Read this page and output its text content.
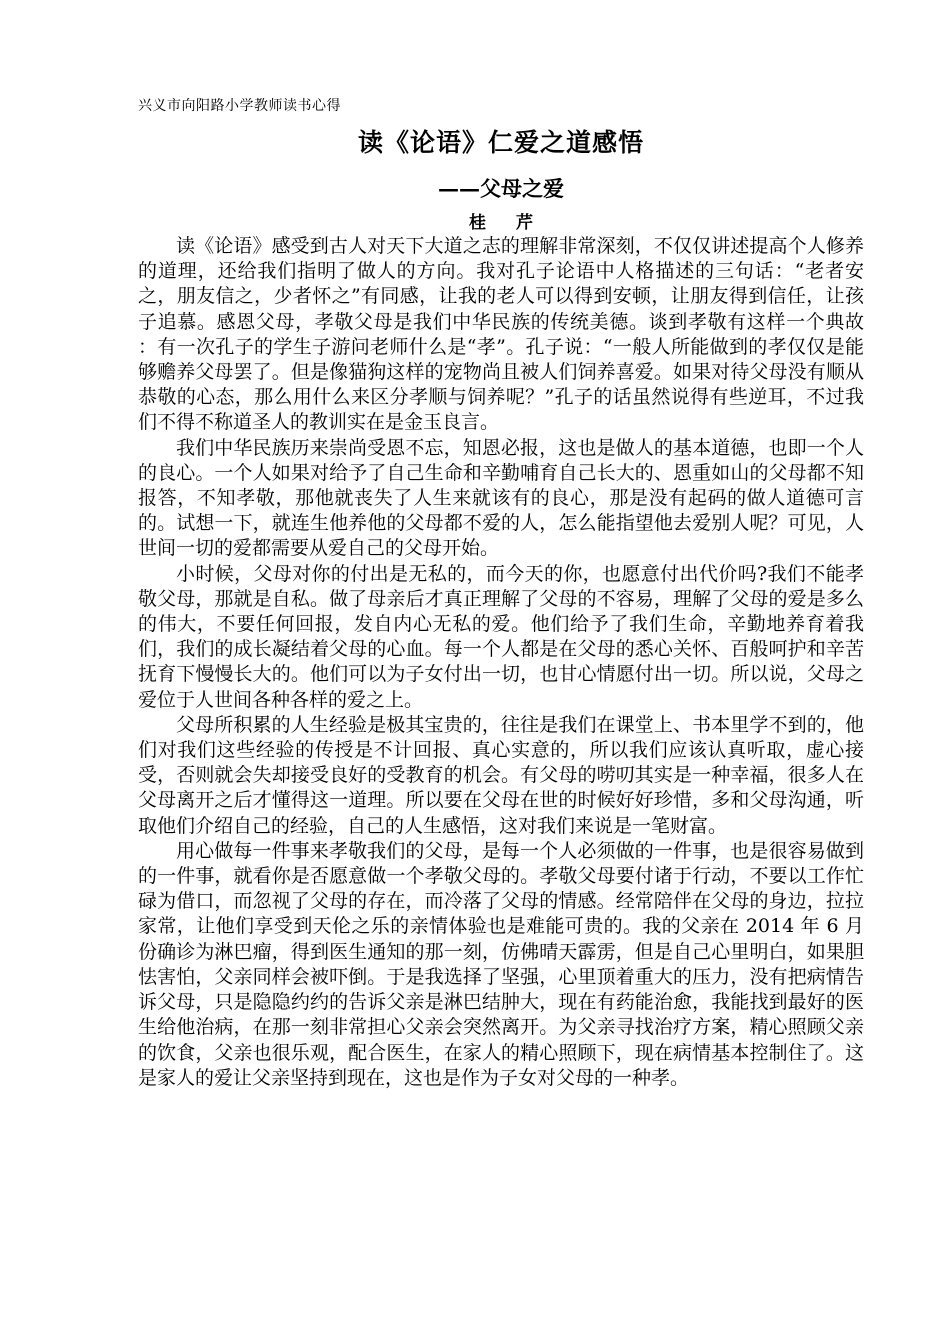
兴义市向阳路小学教师读书心得
读《论语》仁爱之道感悟
——父母之爱
桂 芹

读《论语》感受到古人对天下大道之志的理解非常深刻，不仅仅讲述提高个人修养的道理，还给我们指明了做人的方向。我对孔子论语中人格描述的三句话：“老者安之，朋友信之，少者怀之”有同感，让我的老人可以得到安顿，让朋友得到信任，让孩子追慕。感恩父母，孝敬父母是我们中华民族的传统美德。谈到孝敬有这样一个典故 ：有一次孔子的学生子游问老师什么是“孝”。孔子说：“一般人所能做到的孝仅仅是能够赡养父母罢了。但是像猫狗这样的宠物尚且被人们饲养喜爱。如果对待父母没有顺从恭敬的心态，那么用什么来区分孝顺与饲养呢？”孔子的话虽然说得有些逆耳，不过我们不得不称道圣人的教训实在是金玉良言。

我们中华民族历来崇尚受恩不忘，知恩必报，这也是做人的基本道德，也即一个人的良心。一个人如果对给予了自己生命和辛勤哺育自己长大的、恩重如山的父母都不知报答，不知孝敬，那他就丧失了人生来就该有的良心，那是没有起码的做人道德可言的。试想一下，就连生他养他的父母都不爱的人，怎么能指望他去爱别人呢？可见，人世间一切的爱都需要从爱自己的父母开始。

小时候，父母对你的付出是无私的，而今天的你，也愿意付出代价吗?我们不能孝敬父母，那就是自私。做了母亲后才真正理解了父母的不容易，理解了父母的爱是多么的伟大，不要任何回报，发自内心无私的爱。他们给予了我们生命，辛勤地养育着我们，我们的成长凝结着父母的心血。每一个人都是在父母的悉心关怀、百般呵护和辛苦抚育下慢慢长大的。他们可以为子女付出一切，也甘心情愿付出一切。所以说，父母之爱位于人世间各种各样的爱之上。

父母所积累的人生经验是极其宝贵的，往往是我们在课堂上、书本里学不到的，他们对我们这些经验的传授是不计回报、真心实意的，所以我们应该认真听取，虚心接受，否则就会失却接受良好的受教育的机会。有父母的唠叨其实是一种幸福，很多人在父母离开之后才懂得这一道理。所以要在父母在世的时候好好珍惜，多和父母沟通，听取他们介绍自己的经验，自己的人生感悟，这对我们来说是一笔财富。

用心做每一件事来孝敬我们的父母，是每一个人必须做的一件事，也是很容易做到的一件事，就看你是否愿意做一个孝敬父母的。孝敬父母要付诸于行动，不要以工作忙碌为借口，而忽视了父母的存在，而冷落了父母的情感。经常陪伴在父母的身边，拉拉家常，让他们享受到天伦之乐的亲情体验也是难能可贵的。我的父亲在 2014 年 6 月份确诊为淋巴瘤，得到医生通知的那一刻，仿佛晴天霹雳，但是自己心里明白，如果胆怯害怕，父亲同样会被吓倒。于是我选择了坚强，心里顶着重大的压力，没有把病情告诉父母，只是隐隐约约的告诉父亲是淋巴结肿大，现在有药能治愈，我能找到最好的医生给他治病，在那一刻非常担心父亲会突然离开。为父亲寻找治疗方案，精心照顾父亲的饮食，父亲也很乐观，配合医生，在家人的精心照顾下，现在病情基本控制住了。这是家人的爱让父亲坚持到现在，这也是作为子女对父母的一种孝。
